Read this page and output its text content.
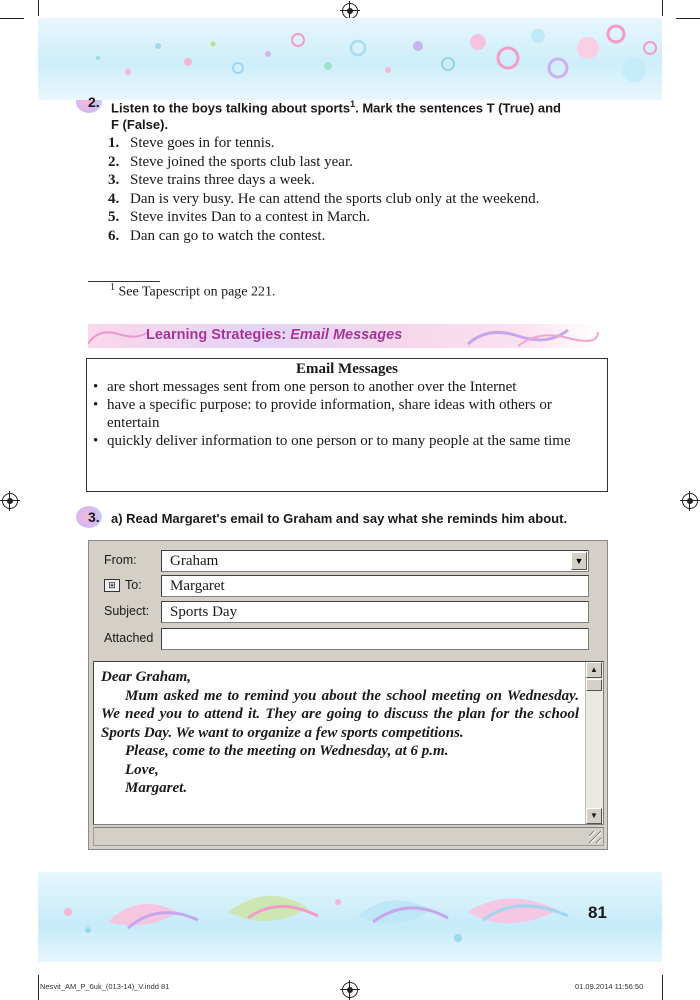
2. Listen to the boys talking about sports$^1$. Mark the sentences T (True) and
F (False).
1. Steve goes in for tennis.
2. Steve joined the sports club last year.
3. Steve trains three days a week.
4. Dan is very busy. He can attend the sports club only at the weekend.
5. Steve invites Dan to a contest in March.
6. Dan can go to watch the contest.
$^1$ See Tapescript on page 221.
Learning Strategies: Email Messages
Email Messages
• are short messages sent from one person to another over the Internet
• have a specific purpose: to provide information, share ideas with others or entertain
• quickly deliver information to one person or to many people at the same time
3. a) Read Margaret's email to Graham and say what she reminds him about.
From:	Graham	▼
⊞ To:	Margaret
Subject:	Sports Day
Attached

Dear Graham,

Mum asked me to remind you about the school meeting on Wednesday. We need you to attend it. They are going to discuss the plan for the school Sports Day. We want to organize a few sports competitions.

Please, come to the meeting on Wednesday, at 6 p.m.

Love,

Margaret.

▲
▼
81
Nesvit_AM_P_6uk_(013-14)_V.indd 81	01.09.2014 11:56:50
